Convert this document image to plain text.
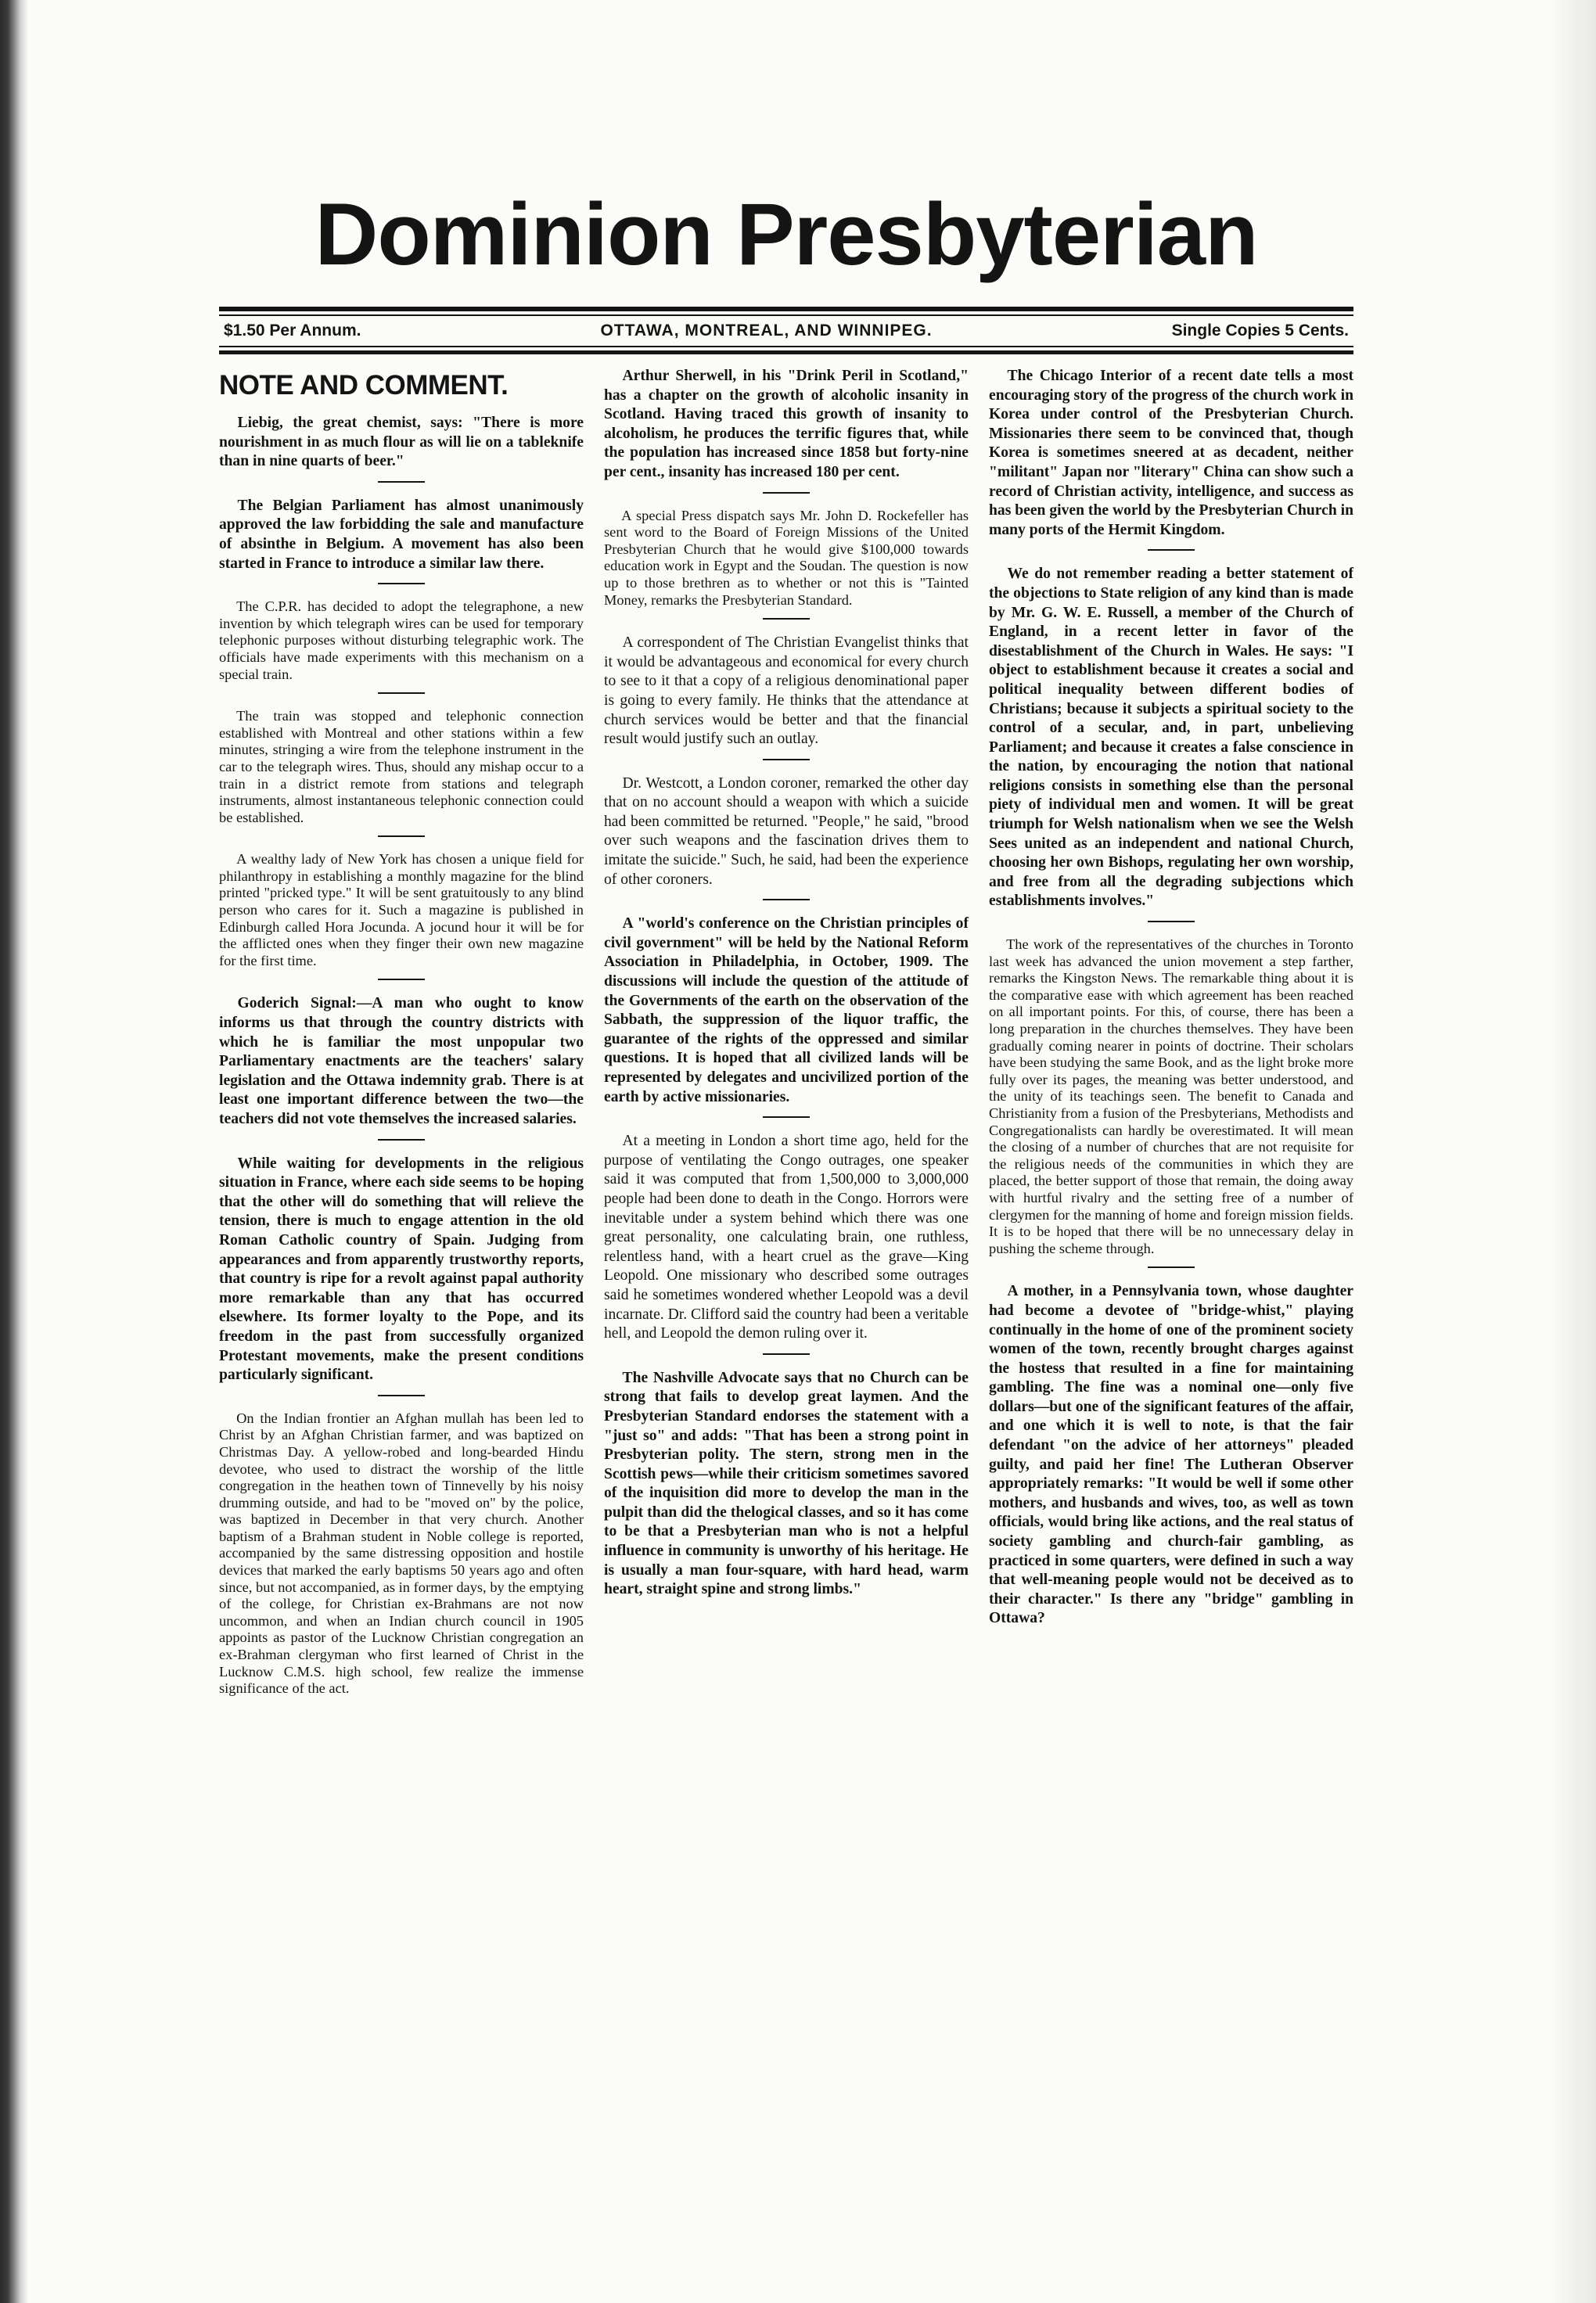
Dominion Presbyterian
$1.50 Per Annum.	OTTAWA, MONTREAL, AND WINNIPEG.	Single Copies 5 Cents.
NOTE AND COMMENT.

Liebig, the great chemist, says: "There is more nourishment in as much flour as will lie on a tableknife than in nine quarts of beer."

The Belgian Parliament has almost unanimously approved the law forbidding the sale and manufacture of absinthe in Belgium. A movement has also been started in France to introduce a similar law there.

The C.P.R. has decided to adopt the telegraphone, a new invention by which telegraph wires can be used for temporary telephonic purposes without disturbing telegraphic work. The officials have made experiments with this mechanism on a special train.

The train was stopped and telephonic connection established with Montreal and other stations within a few minutes, stringing a wire from the telephone instrument in the car to the telegraph wires. Thus, should any mishap occur to a train in a district remote from stations and telegraph instruments, almost instantaneous telephonic connection could be established.

A wealthy lady of New York has chosen a unique field for philanthropy in establishing a monthly magazine for the blind printed "pricked type." It will be sent gratuitously to any blind person who cares for it. Such a magazine is published in Edinburgh called Hora Jocunda. A jocund hour it will be for the afflicted ones when they finger their own new magazine for the first time.

Goderich Signal:—A man who ought to know informs us that through the country districts with which he is familiar the most unpopular two Parliamentary enactments are the teachers' salary legislation and the Ottawa indemnity grab. There is at least one important difference between the two—the teachers did not vote themselves the increased salaries.

While waiting for developments in the religious situation in France, where each side seems to be hoping that the other will do something that will relieve the tension, there is much to engage attention in the old Roman Catholic country of Spain. Judging from appearances and from apparently trustworthy reports, that country is ripe for a revolt against papal authority more remarkable than any that has occurred elsewhere. Its former loyalty to the Pope, and its freedom in the past from successfully organized Protestant movements, make the present conditions particularly significant.

On the Indian frontier an Afghan mullah has been led to Christ by an Afghan Christian farmer, and was baptized on Christmas Day. A yellow-robed and long-bearded Hindu devotee, who used to distract the worship of the little congregation in the heathen town of Tinnevelly by his noisy drumming outside, and had to be "moved on" by the police, was baptized in December in that very church. Another baptism of a Brahman student in Noble college is reported, accompanied by the same distressing opposition and hostile devices that marked the early baptisms 50 years ago and often since, but not accompanied, as in former days, by the emptying of the college, for Christian ex-Brahmans are not now uncommon, and when an Indian church council in 1905 appoints as pastor of the Lucknow Christian congregation an ex-Brahman clergyman who first learned of Christ in the Lucknow C.M.S. high school, few realize the immense significance of the act.

Arthur Sherwell, in his "Drink Peril in Scotland," has a chapter on the growth of alcoholic insanity in Scotland. Having traced this growth of insanity to alcoholism, he produces the terrific figures that, while the population has increased since 1858 but forty-nine per cent., insanity has increased 180 per cent.

A special Press dispatch says Mr. John D. Rockefeller has sent word to the Board of Foreign Missions of the United Presbyterian Church that he would give $100,000 towards education work in Egypt and the Soudan. The question is now up to those brethren as to whether or not this is "Tainted Money, remarks the Presbyterian Standard.

A correspondent of The Christian Evangelist thinks that it would be advantageous and economical for every church to see to it that a copy of a religious denominational paper is going to every family. He thinks that the attendance at church services would be better and that the financial result would justify such an outlay.

Dr. Westcott, a London coroner, remarked the other day that on no account should a weapon with which a suicide had been committed be returned. "People," he said, "brood over such weapons and the fascination drives them to imitate the suicide." Such, he said, had been the experience of other coroners.

A "world's conference on the Christian principles of civil government" will be held by the National Reform Association in Philadelphia, in October, 1909. The discussions will include the question of the attitude of the Governments of the earth on the observation of the Sabbath, the suppression of the liquor traffic, the guarantee of the rights of the oppressed and similar questions. It is hoped that all civilized lands will be represented by delegates and uncivilized portion of the earth by active missionaries.

At a meeting in London a short time ago, held for the purpose of ventilating the Congo outrages, one speaker said it was computed that from 1,500,000 to 3,000,000 people had been done to death in the Congo. Horrors were inevitable under a system behind which there was one great personality, one calculating brain, one ruthless, relentless hand, with a heart cruel as the grave—King Leopold. One missionary who described some outrages said he sometimes wondered whether Leopold was a devil incarnate. Dr. Clifford said the country had been a veritable hell, and Leopold the demon ruling over it.

The Nashville Advocate says that no Church can be strong that fails to develop great laymen. And the Presbyterian Standard endorses the statement with a "just so" and adds: "That has been a strong point in Presbyterian polity. The stern, strong men in the Scottish pews—while their criticism sometimes savored of the inquisition did more to develop the man in the pulpit than did the thelogical classes, and so it has come to be that a Presbyterian man who is not a helpful influence in community is unworthy of his heritage. He is usually a man four-square, with hard head, warm heart, straight spine and strong limbs."

The Chicago Interior of a recent date tells a most encouraging story of the progress of the church work in Korea under control of the Presbyterian Church. Missionaries there seem to be convinced that, though Korea is sometimes sneered at as decadent, neither "militant" Japan nor "literary" China can show such a record of Christian activity, intelligence, and success as has been given the world by the Presbyterian Church in many ports of the Hermit Kingdom.

We do not remember reading a better statement of the objections to State religion of any kind than is made by Mr. G. W. E. Russell, a member of the Church of England, in a recent letter in favor of the disestablishment of the Church in Wales. He says: "I object to establishment because it creates a social and political inequality between different bodies of Christians; because it subjects a spiritual society to the control of a secular, and, in part, unbelieving Parliament; and because it creates a false conscience in the nation, by encouraging the notion that national religions consists in something else than the personal piety of individual men and women. It will be great triumph for Welsh nationalism when we see the Welsh Sees united as an independent and national Church, choosing her own Bishops, regulating her own worship, and free from all the degrading subjections which establishments involves."

The work of the representatives of the churches in Toronto last week has advanced the union movement a step farther, remarks the Kingston News. The remarkable thing about it is the comparative ease with which agreement has been reached on all important points. For this, of course, there has been a long preparation in the churches themselves. They have been gradually coming nearer in points of doctrine. Their scholars have been studying the same Book, and as the light broke more fully over its pages, the meaning was better understood, and the unity of its teachings seen. The benefit to Canada and Christianity from a fusion of the Presbyterians, Methodists and Congregationalists can hardly be overestimated. It will mean the closing of a number of churches that are not requisite for the religious needs of the communities in which they are placed, the better support of those that remain, the doing away with hurtful rivalry and the setting free of a number of clergymen for the manning of home and foreign mission fields. It is to be hoped that there will be no unnecessary delay in pushing the scheme through.

A mother, in a Pennsylvania town, whose daughter had become a devotee of "bridge-whist," playing continually in the home of one of the prominent society women of the town, recently brought charges against the hostess that resulted in a fine for maintaining gambling. The fine was a nominal one—only five dollars—but one of the significant features of the affair, and one which it is well to note, is that the fair defendant "on the advice of her attorneys" pleaded guilty, and paid her fine! The Lutheran Observer appropriately remarks: "It would be well if some other mothers, and husbands and wives, too, as well as town officials, would bring like actions, and the real status of society gambling and church-fair gambling, as practiced in some quarters, were defined in such a way that well-meaning people would not be deceived as to their character." Is there any "bridge" gambling in Ottawa?
